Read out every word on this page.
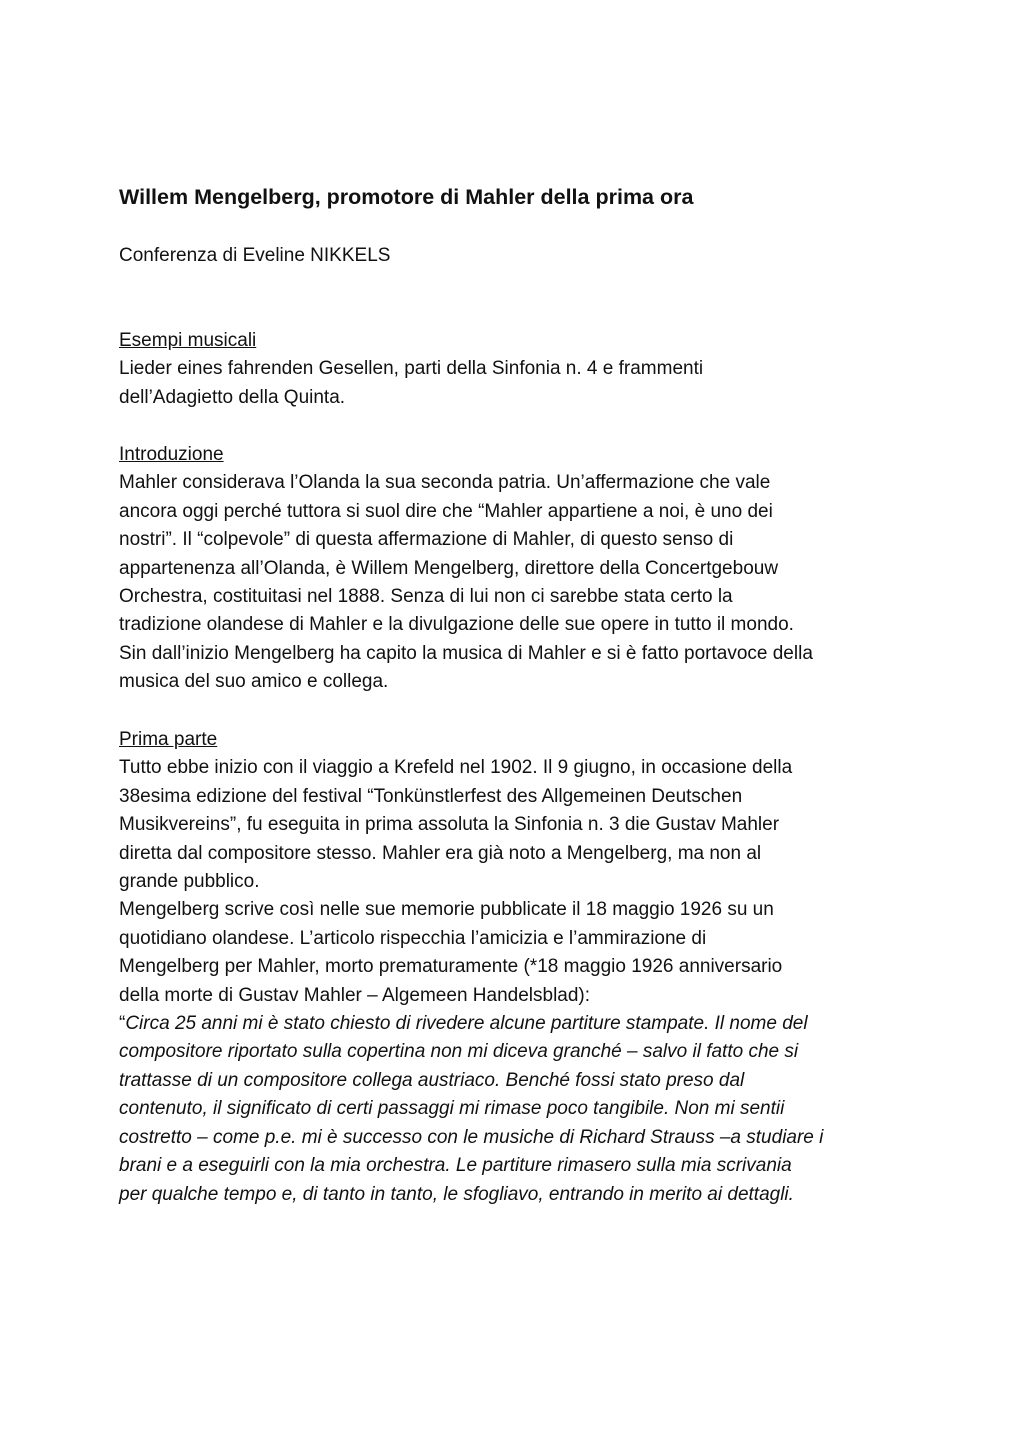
Willem Mengelberg, promotore di Mahler della prima ora

Conferenza di Eveline NIKKELS

Esempi musicali
Lieder eines fahrenden Gesellen, parti della Sinfonia n. 4 e frammenti
dell’Adagietto della Quinta.
Introduzione
Mahler considerava l’Olanda la sua seconda patria. Un’affermazione che vale
ancora oggi perché tuttora si suol dire che “Mahler appartiene a noi, è uno dei
nostri”. Il “colpevole” di questa affermazione di Mahler, di questo senso di
appartenenza all’Olanda, è Willem Mengelberg, direttore della Concertgebouw
Orchestra, costituitasi nel 1888. Senza di lui non ci sarebbe stata certo la
tradizione olandese di Mahler e la divulgazione delle sue opere in tutto il mondo.
Sin dall’inizio Mengelberg ha capito la musica di Mahler e si è fatto portavoce della
musica del suo amico e collega.
Prima parte
Tutto ebbe inizio con il viaggio a Krefeld nel 1902. Il 9 giugno, in occasione della
38esima edizione del festival “Tonkünstlerfest des Allgemeinen Deutschen
Musikvereins”, fu eseguita in prima assoluta la Sinfonia n. 3 die Gustav Mahler
diretta dal compositore stesso. Mahler era già noto a Mengelberg, ma non al
grande pubblico.
Mengelberg scrive così nelle sue memorie pubblicate il 18 maggio 1926 su un
quotidiano olandese. L’articolo rispecchia l’amicizia e l’ammirazione di
Mengelberg per Mahler, morto prematuramente (*18 maggio 1926 anniversario
della morte di Gustav Mahler – Algemeen Handelsblad):
“Circa 25 anni mi è stato chiesto di rivedere alcune partiture stampate. Il nome del
compositore riportato sulla copertina non mi diceva granché – salvo il fatto che si
trattasse di un compositore collega austriaco. Benché fossi stato preso dal
contenuto, il significato di certi passaggi mi rimase poco tangibile. Non mi sentii
costretto – come p.e. mi è successo con le musiche di Richard Strauss –a studiare i
brani e a eseguirli con la mia orchestra. Le partiture rimasero sulla mia scrivania
per qualche tempo e, di tanto in tanto, le sfogliavo, entrando in merito ai dettagli.
